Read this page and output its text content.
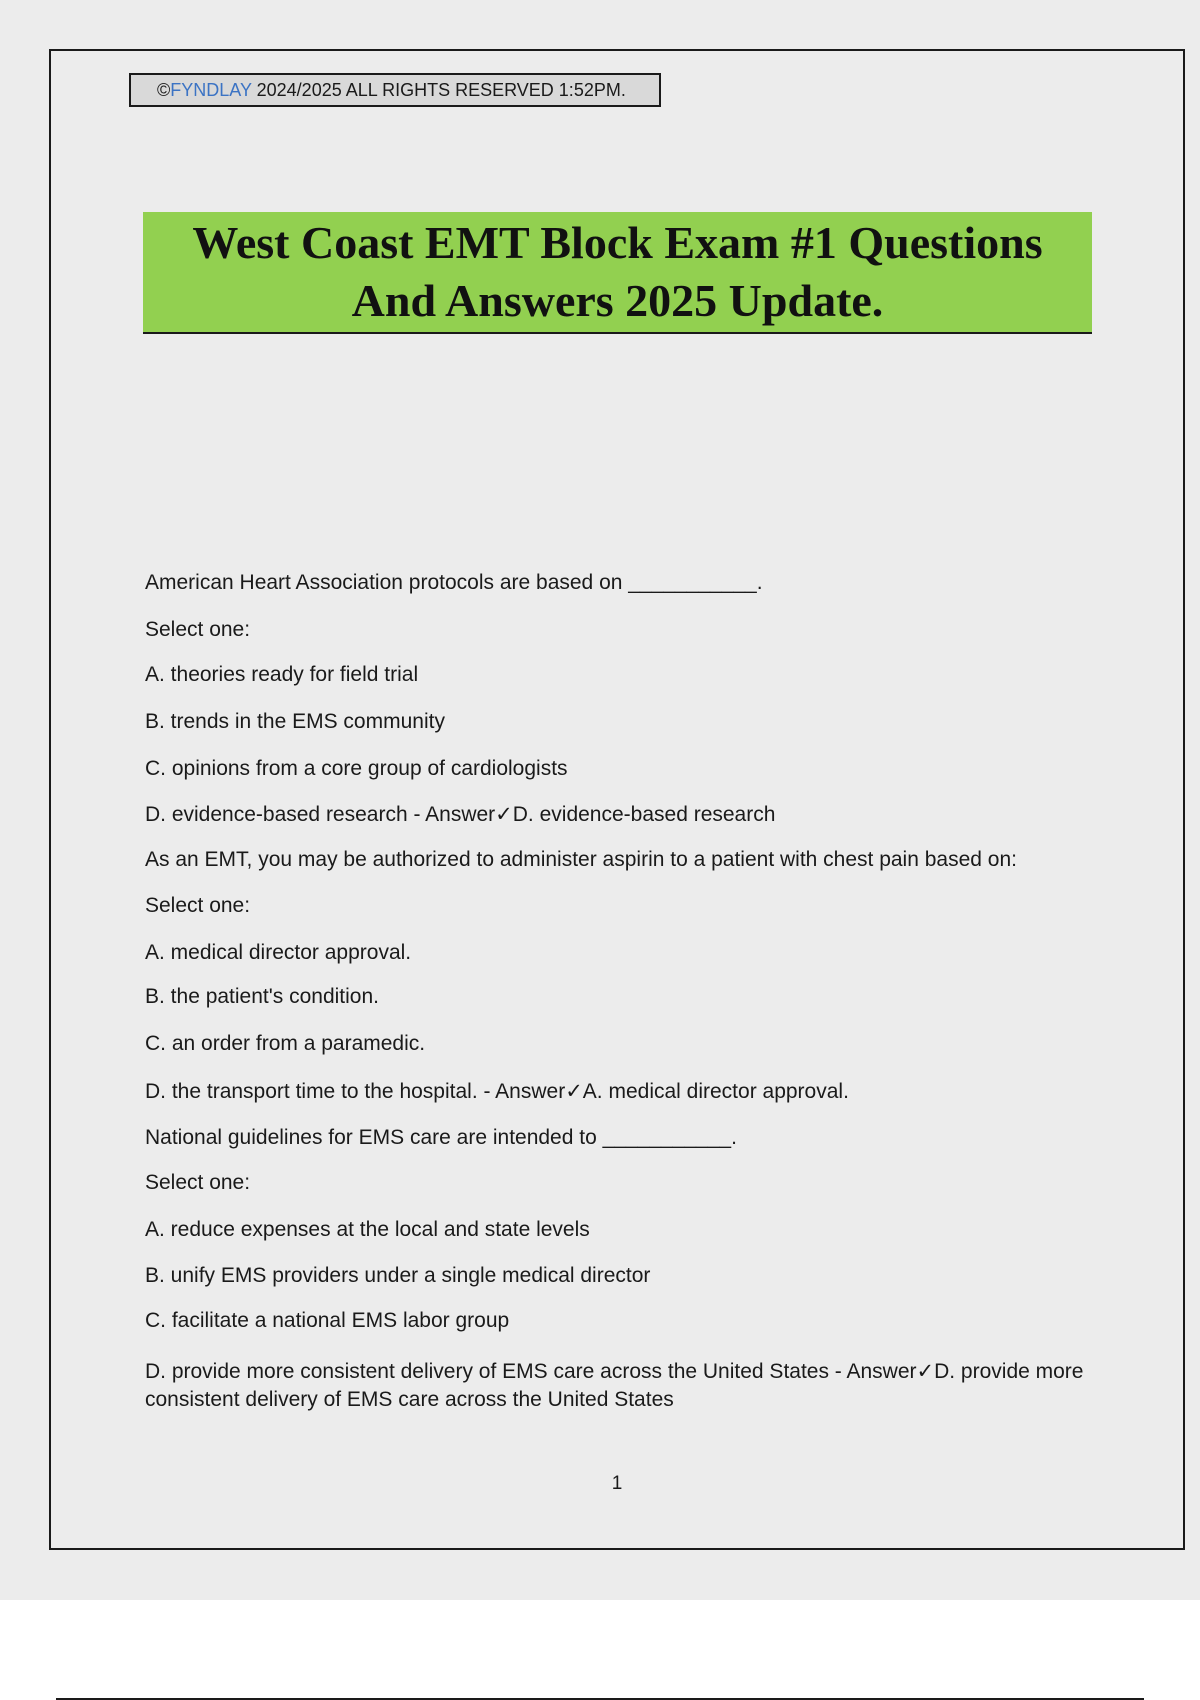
©FYNDLAY 2024/2025 ALL RIGHTS RESERVED 1:52PM.
West Coast EMT Block Exam #1 Questions
And Answers 2025 Update.
American Heart Association protocols are based on ___________.
Select one:
A. theories ready for field trial
B. trends in the EMS community
C. opinions from a core group of cardiologists
D. evidence-based research - Answer✓D. evidence-based research
As an EMT, you may be authorized to administer aspirin to a patient with chest pain based on:
Select one:
A. medical director approval.
B. the patient's condition.
C. an order from a paramedic.
D. the transport time to the hospital. - Answer✓A. medical director approval.
National guidelines for EMS care are intended to ___________.
Select one:
A. reduce expenses at the local and state levels
B. unify EMS providers under a single medical director
C. facilitate a national EMS labor group
D. provide more consistent delivery of EMS care across the United States - Answer✓D. provide more consistent delivery of EMS care across the United States
1
